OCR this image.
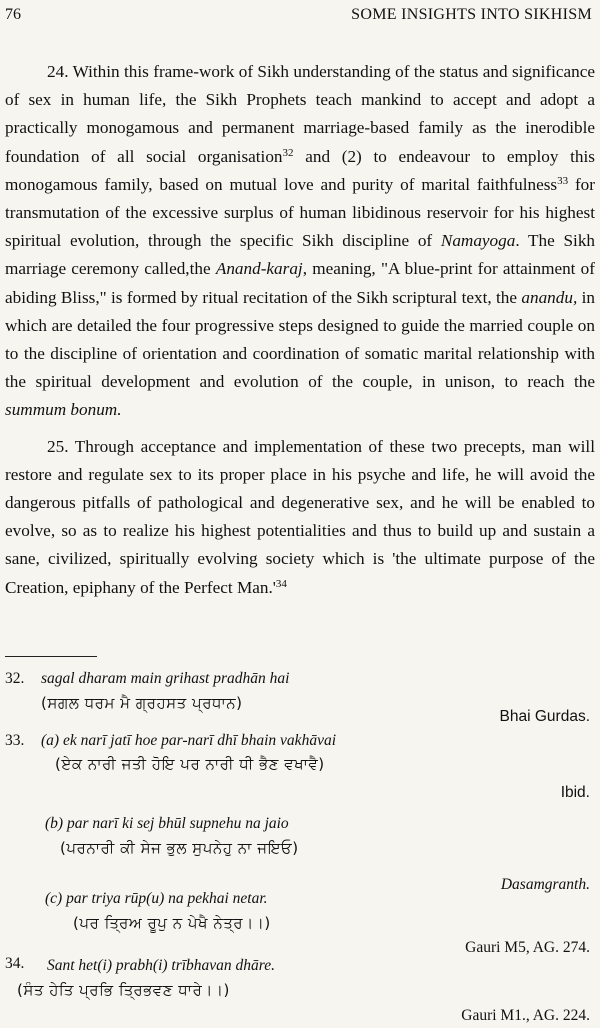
76	SOME INSIGHTS INTO SIKHISM

24. Within this frame-work of Sikh understanding of the status and significance of sex in human life, the Sikh Prophets teach mankind to accept and adopt a practically monogamous and permanent marriage-based family as the inerodible foundation of all social organisation$^{32}$ and (2) to endeavour to employ this monogamous family, based on mutual love and purity of marital faithfulness$^{33}$ for transmutation of the excessive surplus of human libidinous reservoir for his highest spiritual evolution, through the specific Sikh discipline of Namayoga. The Sikh marriage ceremony called,the Anand-karaj, meaning, "A blue-print for attainment of abiding Bliss," is formed by ritual recitation of the Sikh scriptural text, the anandu, in which are detailed the four progressive steps designed to guide the married couple on to the discipline of orientation and coordination of somatic marital relationship with the spiritual development and evolution of the couple, in unison, to reach the summum bonum.

25. Through acceptance and implementation of these two precepts, man will restore and regulate sex to its proper place in his psyche and life, he will avoid the dangerous pitfalls of pathological and degenerative sex, and he will be enabled to evolve, so as to realize his highest potentialities and thus to build up and sustain a sane, civilized, spiritually evolving society which is 'the ultimate purpose of the Creation, epiphany of the Perfect $Man.'^{34}$

32. sagal dharam main grihast pradhān hai
(ਸਗਲ ਧਰਮ ਮੈ ਗ੍ਰਹਸਤ ਪ੍ਰਧਾਨ)
Bhai Gurdas.
33. (a) ek narī jatī hoe par-narī dhī bhain vakhāvai
(ਏਕ ਨਾਰੀ ਜਤੀ ਹੋਇ ਪਰ ਨਾਰੀ ਧੀ ਭੈਣ ਵਖਾਵੈ)
Ibid.
(b) par narī ki sej bhūl supnehu na jaio
(ਪਰਨਾਰੀ ਕੀ ਸੇਜ ਭੁਲ ਸੁਪਨੇਹੁ ਨਾ ਜਇਓ)
Dasamgranth.
(c) par triya rūp(u) na pekhai netar.
(ਪਰ ਤ੍ਰਿਅ ਰੂਪੁ ਨ ਪੇਖੈ ਨੇਤ੍ਰ।।)
Gauri M5, AG. 274.
34. Sant het(i) prabh(i) trībhavan dhāre.
(ਸੰਤ ਹੇਤਿ ਪ੍ਰਭਿ ਤ੍ਰਿਭਵਣ ਧਾਰੇ।।)
Gauri M1., AG. 224.
